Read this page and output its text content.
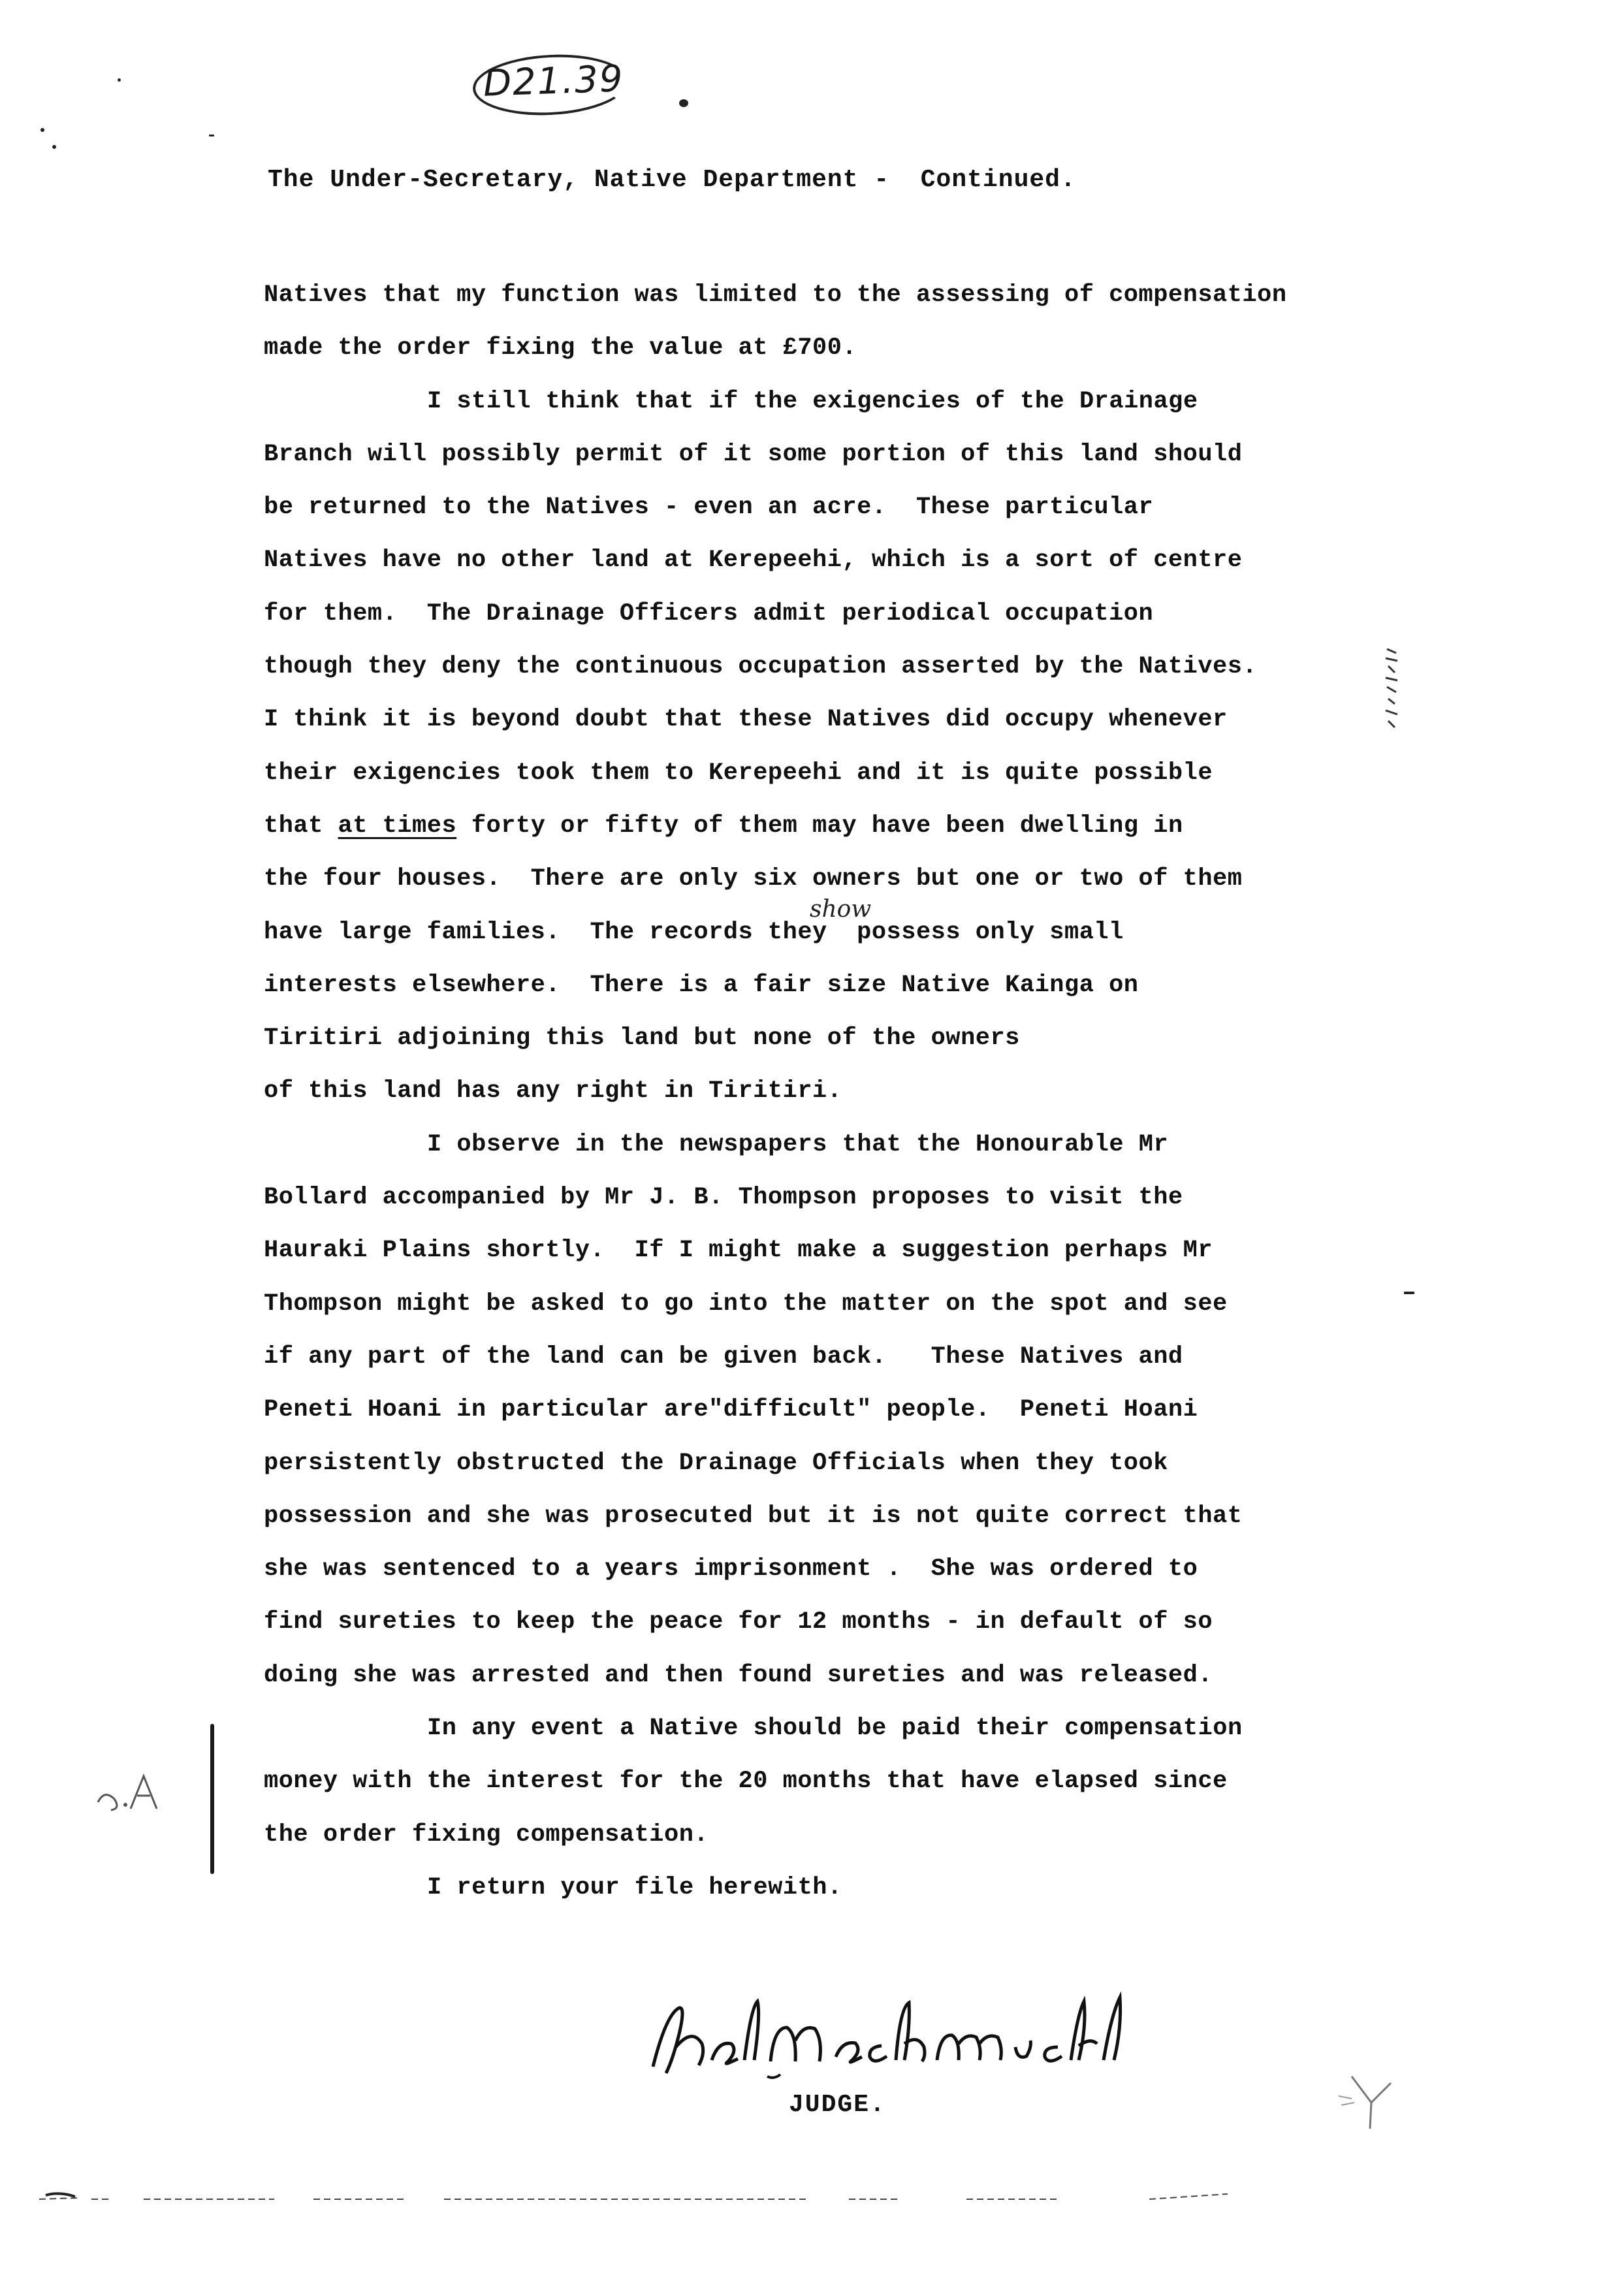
D21.39
The Under-Secretary, Native Department -  Continued.
Natives that my function was limited to the assessing of compensation
made the order fixing the value at £700.
I still think that if the exigencies of the Drainage
Branch will possibly permit of it some portion of this land should
be returned to the Natives - even an acre.  These particular
Natives have no other land at Kerepeehi, which is a sort of centre
for them.  The Drainage Officers admit periodical occupation
though they deny the continuous occupation asserted by the Natives.
I think it is beyond doubt that these Natives did occupy whenever
their exigencies took them to Kerepeehi and it is quite possible
that at times forty or fifty of them may have been dwelling in
the four houses.  There are only six owners but one or two of them
have large families.  The records they  possess only small
interests elsewhere.  There is a fair size Native Kainga on
Tiritiri adjoining this land but none of the owners
of this land has any right in Tiritiri.
I observe in the newspapers that the Honourable Mr
Bollard accompanied by Mr J. B. Thompson proposes to visit the
Hauraki Plains shortly.  If I might make a suggestion perhaps Mr
Thompson might be asked to go into the matter on the spot and see
if any part of the land can be given back.   These Natives and
Peneti Hoani in particular are"difficult" people.  Peneti Hoani
persistently obstructed the Drainage Officials when they took
possession and she was prosecuted but it is not quite correct that
she was sentenced to a years imprisonment .  She was ordered to
find sureties to keep the peace for 12 months - in default of so
doing she was arrested and then found sureties and was released.
In any event a Native should be paid their compensation
money with the interest for the 20 months that have elapsed since
the order fixing compensation.
I return your file herewith.
show
JUDGE.
